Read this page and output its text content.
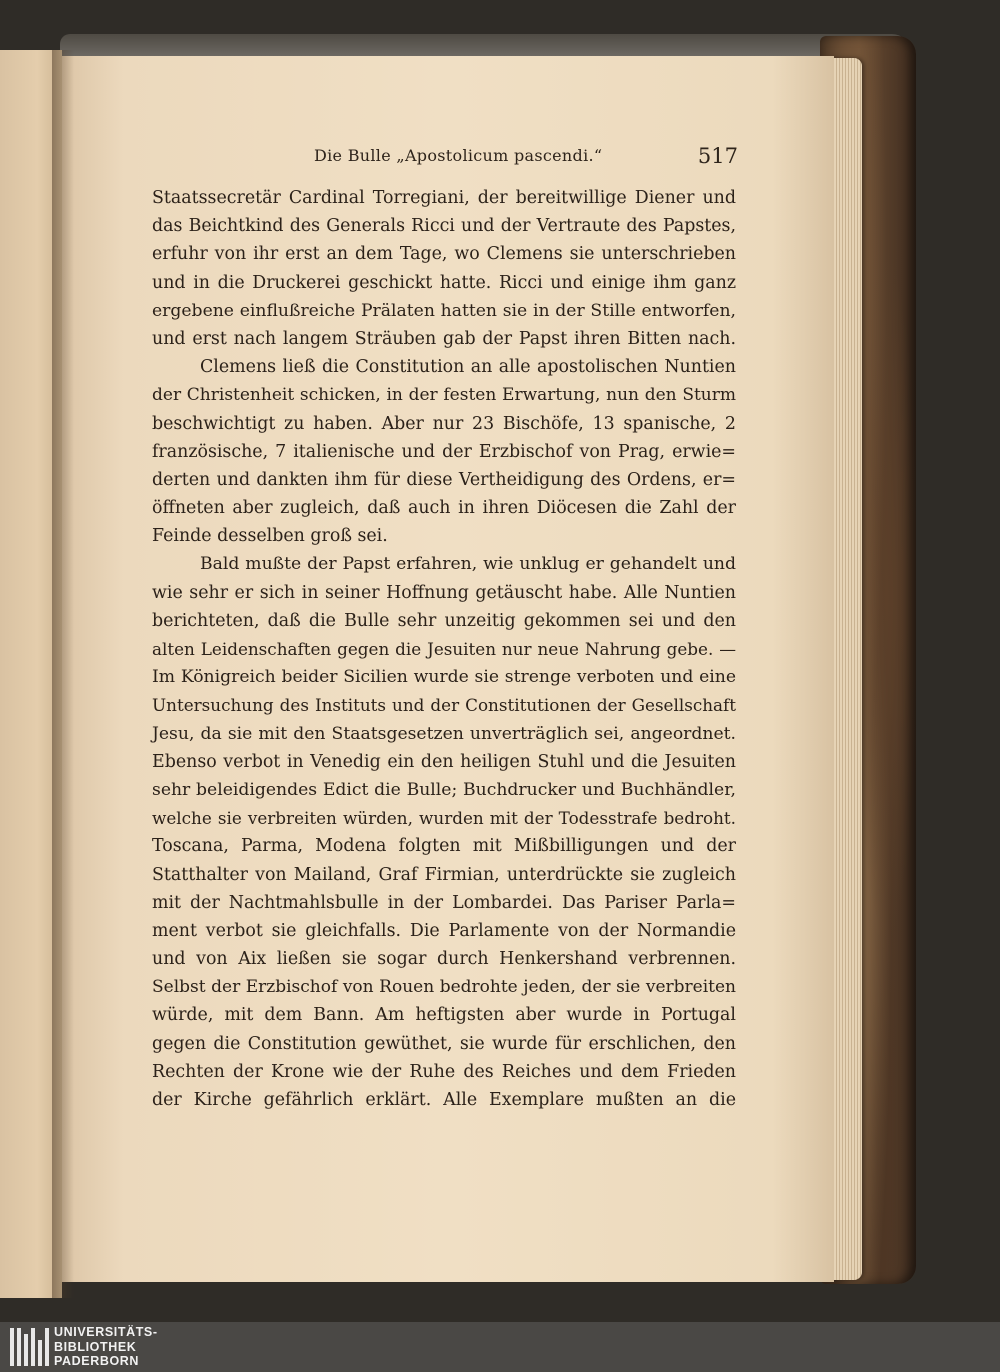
Die Bulle „Apostolicum pascendi.“	517
Staatssecretär Cardinal Torregiani, der bereitwillige Diener und
das Beichtkind des Generals Ricci und der Vertraute des Papstes,
erfuhr von ihr erst an dem Tage, wo Clemens sie unterschrieben
und in die Druckerei geschickt hatte. Ricci und einige ihm ganz
ergebene einflußreiche Prälaten hatten sie in der Stille entworfen,
und erst nach langem Sträuben gab der Papst ihren Bitten nach.
Clemens ließ die Constitution an alle apostolischen Nuntien
der Christenheit schicken, in der festen Erwartung, nun den Sturm
beschwichtigt zu haben. Aber nur 23 Bischöfe, 13 spanische, 2
französische, 7 italienische und der Erzbischof von Prag, erwie=
derten und dankten ihm für diese Vertheidigung des Ordens, er=
öffneten aber zugleich, daß auch in ihren Diöcesen die Zahl der
Feinde desselben groß sei.
Bald mußte der Papst erfahren, wie unklug er gehandelt und
wie sehr er sich in seiner Hoffnung getäuscht habe. Alle Nuntien
berichteten, daß die Bulle sehr unzeitig gekommen sei und den
alten Leidenschaften gegen die Jesuiten nur neue Nahrung gebe. —
Im Königreich beider Sicilien wurde sie strenge verboten und eine
Untersuchung des Instituts und der Constitutionen der Gesellschaft
Jesu, da sie mit den Staatsgesetzen unverträglich sei, angeordnet.
Ebenso verbot in Venedig ein den heiligen Stuhl und die Jesuiten
sehr beleidigendes Edict die Bulle; Buchdrucker und Buchhändler,
welche sie verbreiten würden, wurden mit der Todesstrafe bedroht.
Toscana, Parma, Modena folgten mit Mißbilligungen und der
Statthalter von Mailand, Graf Firmian, unterdrückte sie zugleich
mit der Nachtmahlsbulle in der Lombardei. Das Pariser Parla=
ment verbot sie gleichfalls. Die Parlamente von der Normandie
und von Aix ließen sie sogar durch Henkershand verbrennen.
Selbst der Erzbischof von Rouen bedrohte jeden, der sie verbreiten
würde, mit dem Bann. Am heftigsten aber wurde in Portugal
gegen die Constitution gewüthet, sie wurde für erschlichen, den
Rechten der Krone wie der Ruhe des Reiches und dem Frieden
der Kirche gefährlich erklärt. Alle Exemplare mußten an die
UNIVERSITÄTS-
BIBLIOTHEK
PADERBORN
